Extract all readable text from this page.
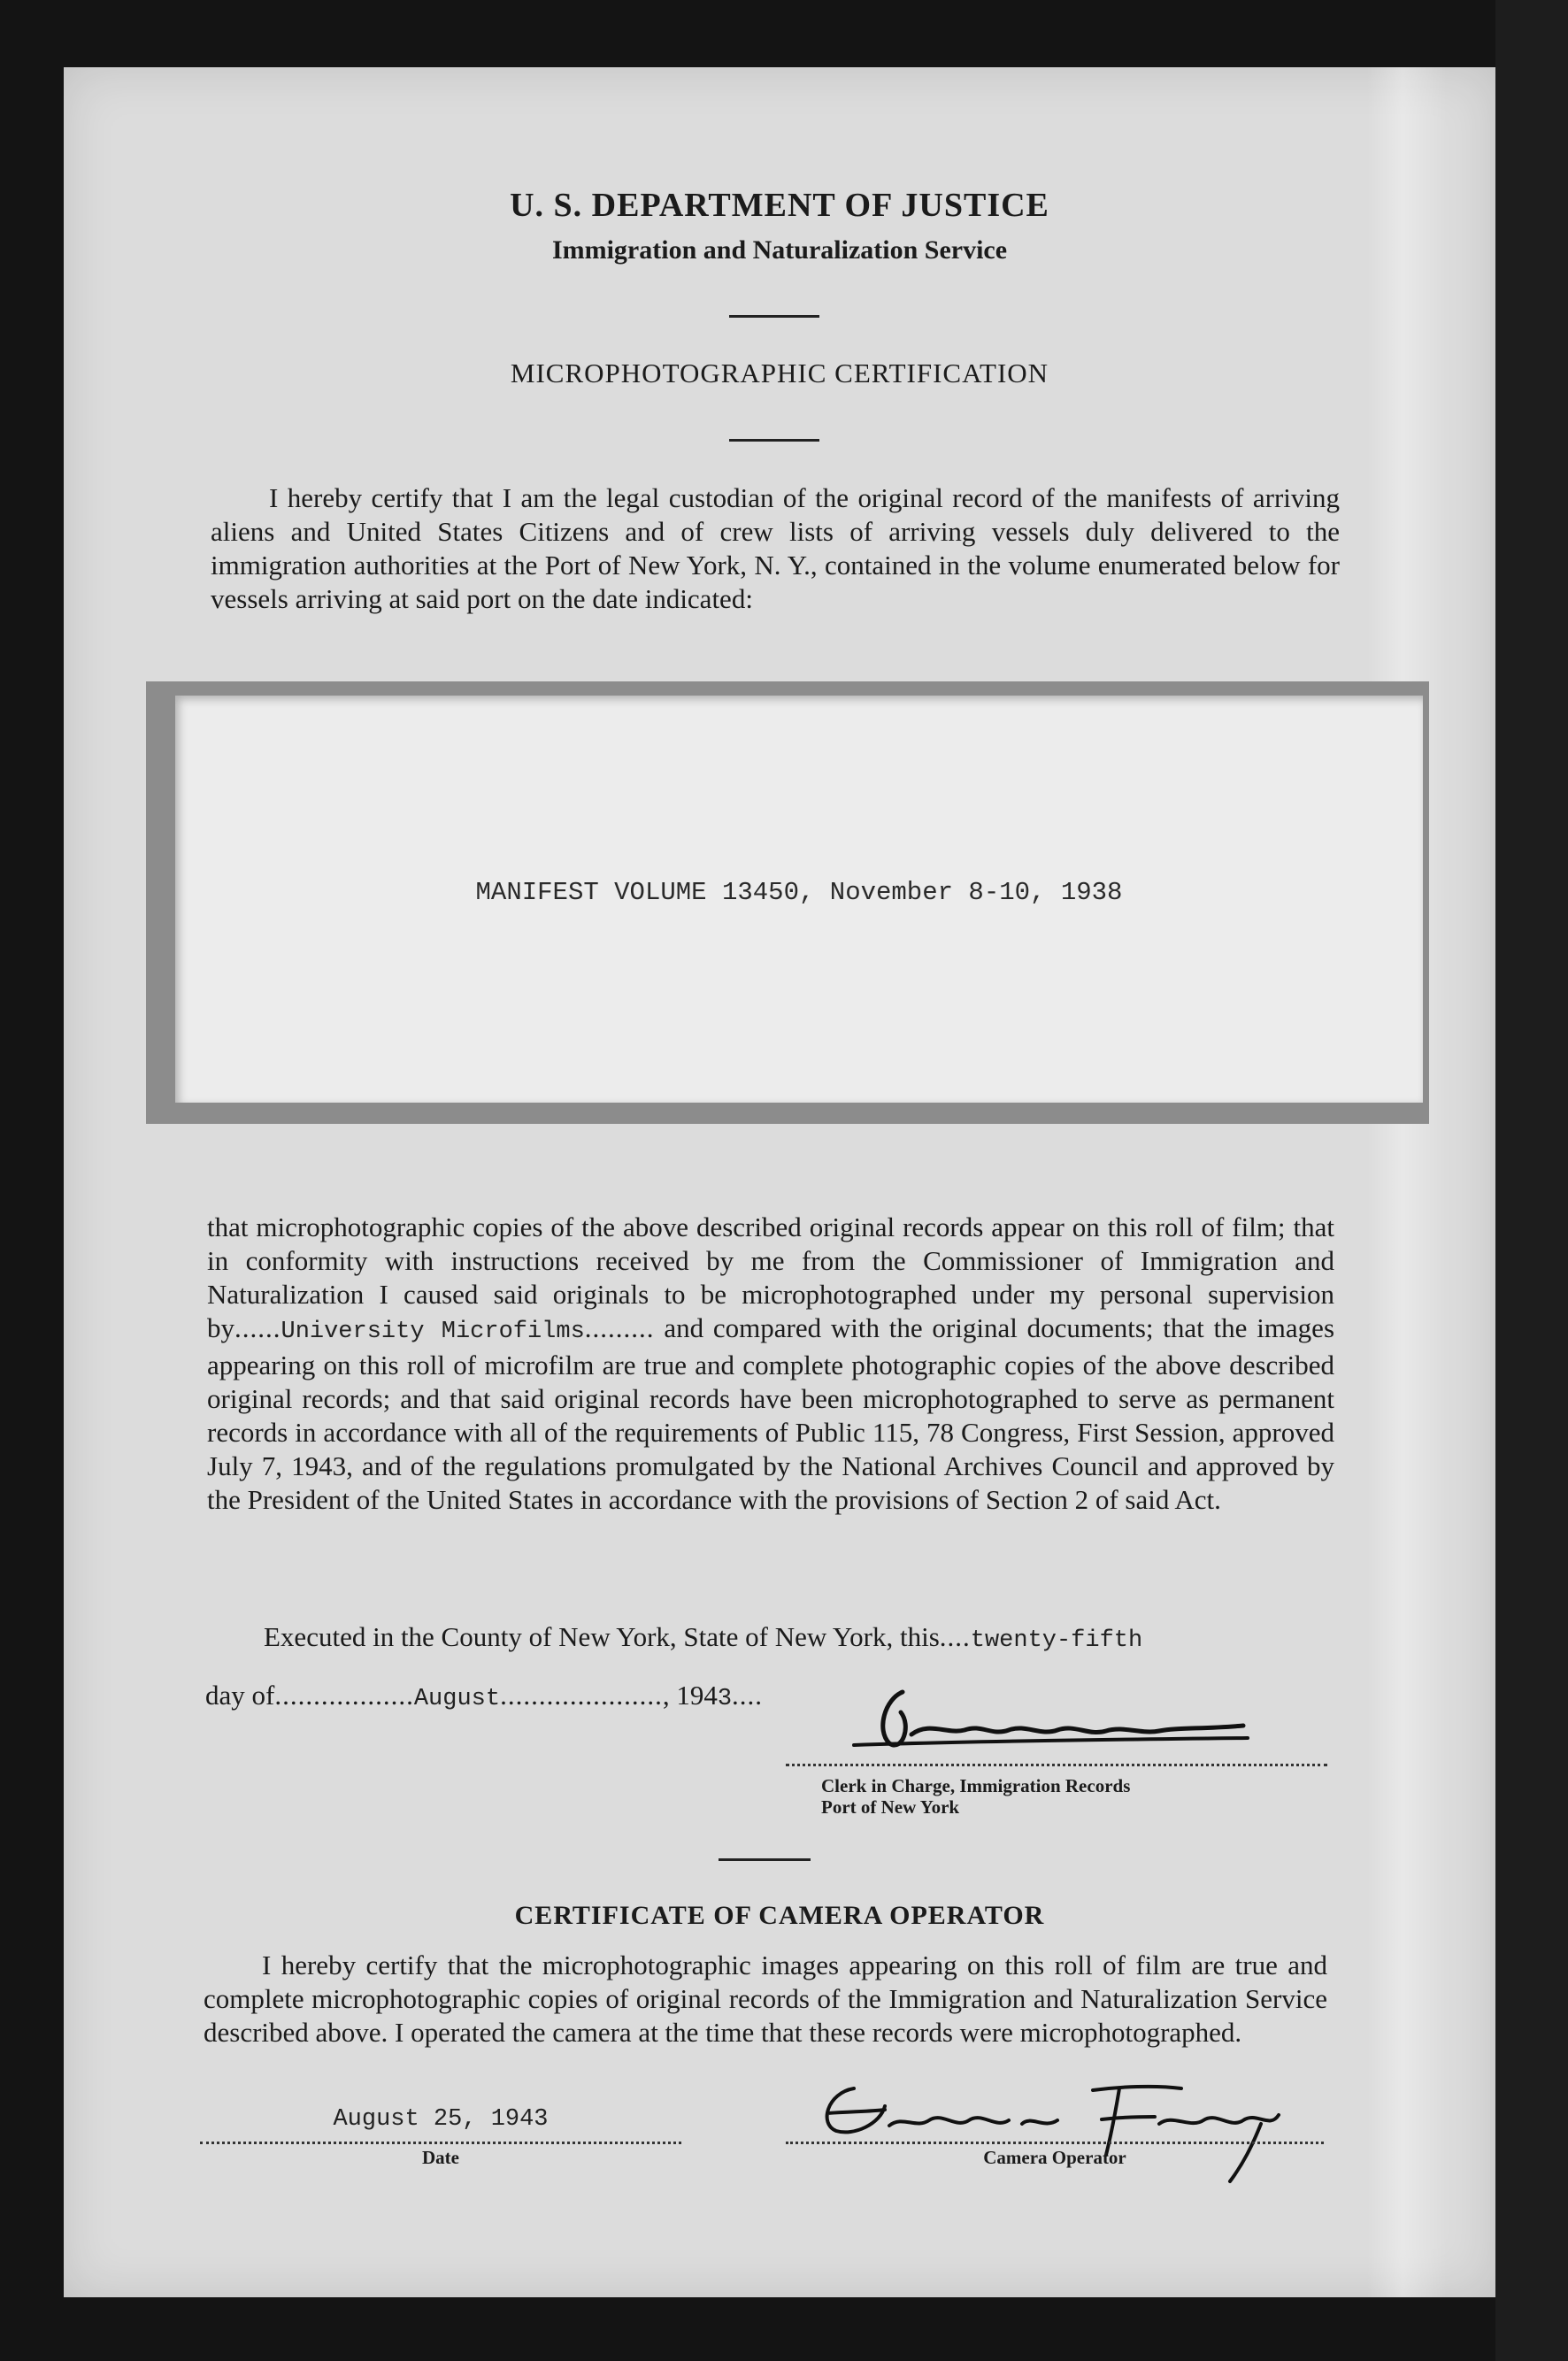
U. S. DEPARTMENT OF JUSTICE
Immigration and Naturalization Service
MICROPHOTOGRAPHIC CERTIFICATION
I hereby certify that I am the legal custodian of the original record of the manifests of arriving aliens and United States Citizens and of crew lists of arriving vessels duly delivered to the immigration authorities at the Port of New York, N. Y., contained in the volume enumerated below for vessels arriving at said port on the date indicated:
MANIFEST VOLUME 13450, November 8-10, 1938
that microphotographic copies of the above described original records appear on this roll of film; that in conformity with instructions received by me from the Commissioner of Immigration and Naturalization I caused said originals to be microphotographed under my personal supervision by......University Microfilms......... and compared with the original documents; that the images appearing on this roll of microfilm are true and complete photographic copies of the above described original records; and that said original records have been microphotographed to serve as permanent records in accordance with all of the requirements of Public 115, 78 Congress, First Session, approved July 7, 1943, and of the regulations promulgated by the National Archives Council and approved by the President of the United States in accordance with the provisions of Section 2 of said Act.
Executed in the County of New York, State of New York, this....twenty-fifth
day of..................August....................., 1943....
Clerk in Charge, Immigration Records
Port of New York
CERTIFICATE OF CAMERA OPERATOR
I hereby certify that the microphotographic images appearing on this roll of film are true and complete microphotographic copies of original records of the Immigration and Naturalization Service described above. I operated the camera at the time that these records were microphotographed.
August 25, 1943
Date	Camera Operator
